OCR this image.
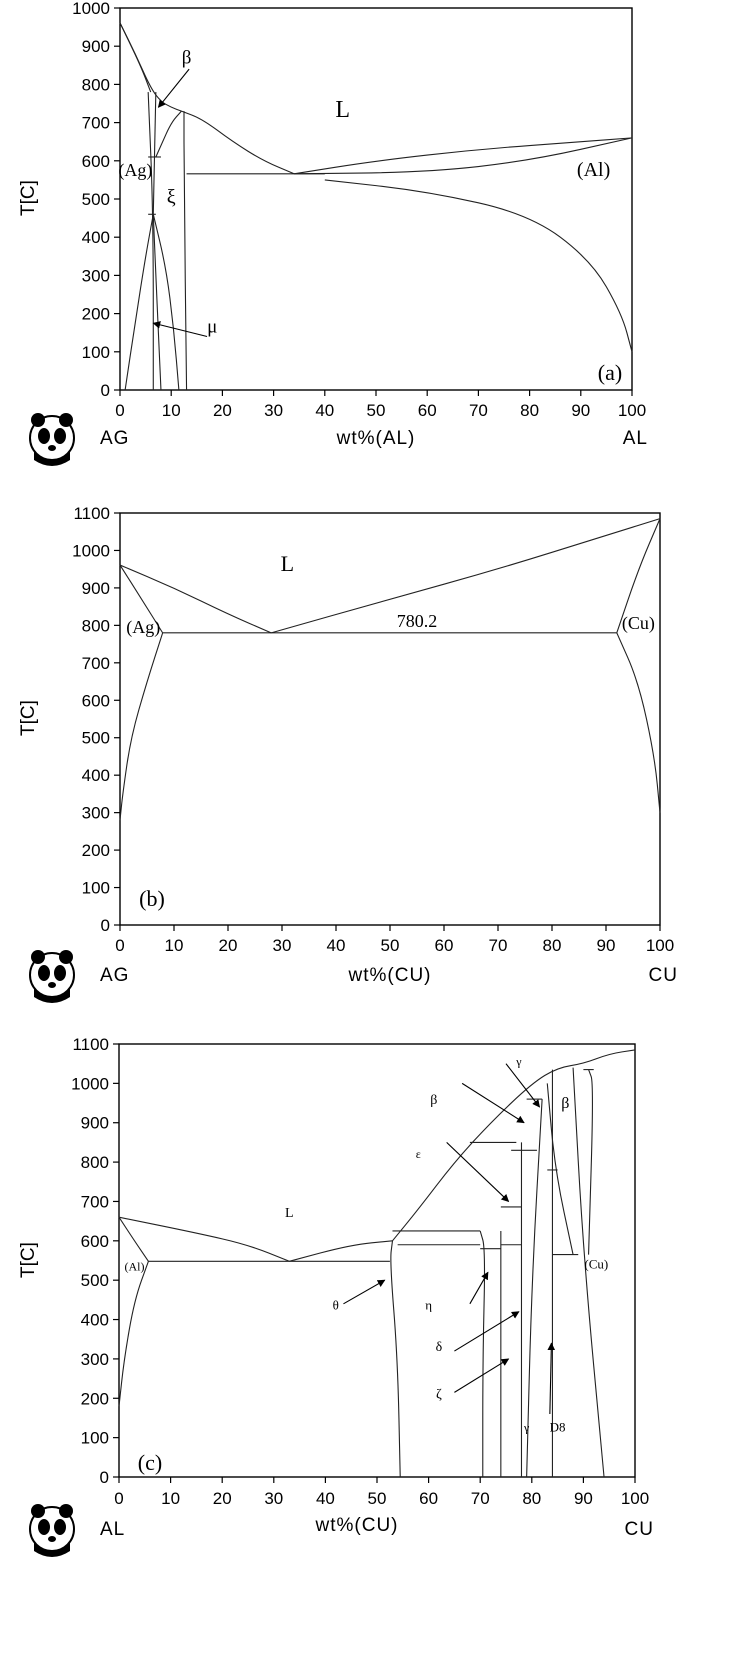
0
100
200
300
400
500
600
700
800
900
1000
0 10 20 30 40 50 60 70 80 90 100
T[C]
wt%(AL)
AG	AL
L
β
(Ag)
ξ
(Al)
μ
(a)
0
100
200
300
400
500
600
700
800
900
1000
1100
0 10 20 30 40 50 60 70 80 90 100
T[C]
wt%(CU)
AG	CU
L
(Ag)	(Cu)
780.2
(b)
0
100
200
300
400
500
600
700
800
900
1000
1100
0 10 20 30 40 50 60 70 80 90 100
T[C]
wt%(CU)
AL	CU
L
(Al)
θ	η
δ
ζ
ε
β
γ
β
(Cu)
γ D8
(c)
